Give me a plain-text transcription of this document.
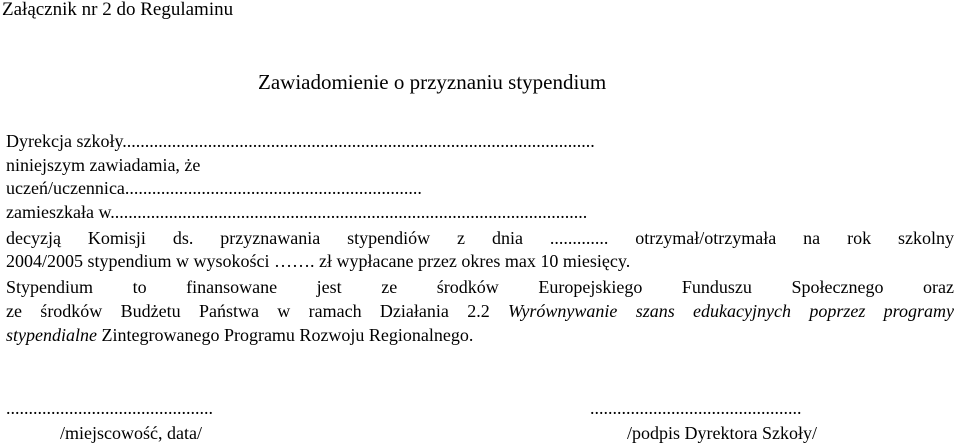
Załącznik nr 2 do Regulaminu
Zawiadomienie o przyznaniu stypendium
Dyrekcja szkoły.........................................................................................................
niniejszym zawiadamia, że
uczeń/uczennica..................................................................
zamieszkała w..........................................................................................................
decyzją Komisji ds. przyznawania stypendiów z dnia ............. otrzymał/otrzymała na rok szkolny
2004/2005 stypendium w wysokości ……. zł wypłacane przez okres max 10 miesięcy.
Stypendium to finansowane jest ze środków Europejskiego Funduszu Społecznego oraz
ze środków Budżetu Państwa w ramach Działania 2.2 Wyrównywanie szans edukacyjnych poprzez programy
stypendialne Zintegrowanego Programu Rozwoju Regionalnego.
..............................................
/miejscowość, data/
...............................................
/podpis Dyrektora Szkoły/
